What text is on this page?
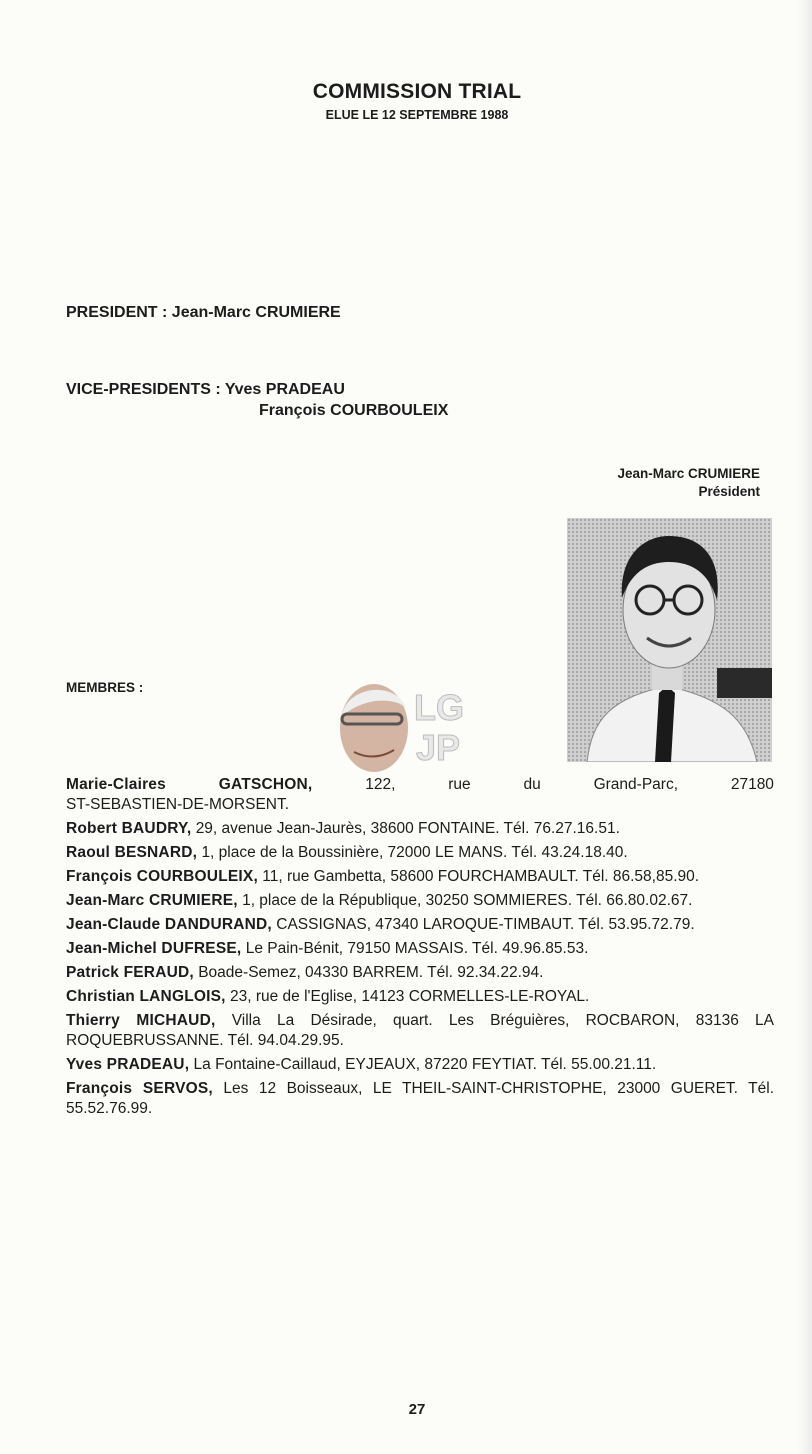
COMMISSION TRIAL
ELUE LE 12 SEPTEMBRE 1988
PRESIDENT : Jean-Marc CRUMIERE
VICE-PRESIDENTS : Yves PRADEAU
François COURBOULEIX
Jean-Marc CRUMIERE
Président
MEMBRES :	LG
JP
Marie-Claires	GATSCHON,	122,	rue	du	Grand-Parc,	27180
ST-SEBASTIEN-DE-MORSENT.
Robert BAUDRY, 29, avenue Jean-Jaurès, 38600 FONTAINE. Tél. 76.27.16.51.
Raoul BESNARD, 1, place de la Boussinière, 72000 LE MANS. Tél. 43.24.18.40.
François COURBOULEIX, 11, rue Gambetta, 58600 FOURCHAMBAULT. Tél. 86.58,85.90.
Jean-Marc CRUMIERE, 1, place de la République, 30250 SOMMIERES. Tél. 66.80.02.67.
Jean-Claude DANDURAND, CASSIGNAS, 47340 LAROQUE-TIMBAUT. Tél. 53.95.72.79.
Jean-Michel DUFRESE, Le Pain-Bénit, 79150 MASSAIS. Tél. 49.96.85.53.
Patrick FERAUD, Boade-Semez, 04330 BARREM. Tél. 92.34.22.94.
Christian LANGLOIS, 23, rue de l'Eglise, 14123 CORMELLES-LE-ROYAL.
Thierry MICHAUD, Villa La Désirade, quart. Les Bréguières, ROCBARON, 83136 LA ROQUEBRUSSANNE. Tél. 94.04.29.95.
Yves PRADEAU, La Fontaine-Caillaud, EYJEAUX, 87220 FEYTIAT. Tél. 55.00.21.11.
François SERVOS, Les 12 Boisseaux, LE THEIL-SAINT-CHRISTOPHE, 23000 GUERET. Tél. 55.52.76.99.
27
